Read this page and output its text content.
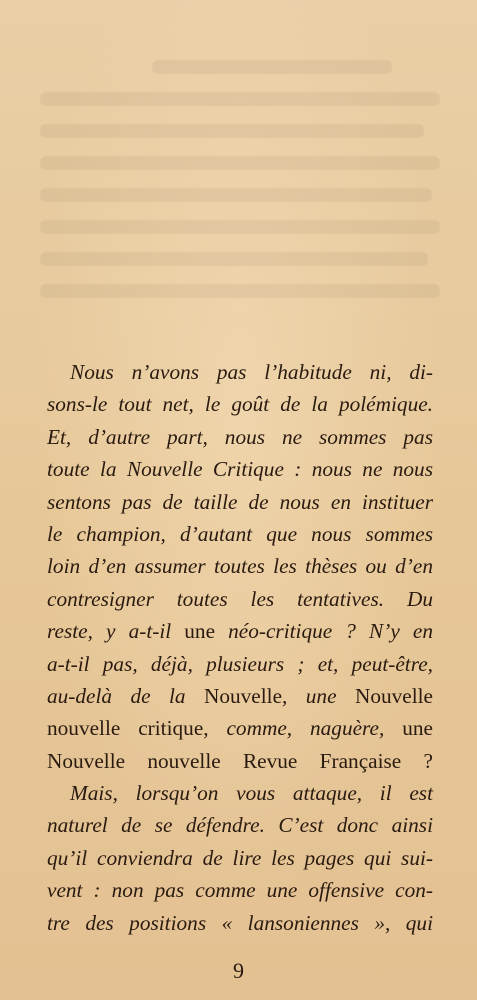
Nous n’avons pas l’habitude ni, di-
sons-le tout net, le goût de la polémique.
Et, d’autre part, nous ne sommes pas
toute la Nouvelle Critique : nous ne nous
sentons pas de taille de nous en instituer
le champion, d’autant que nous sommes
loin d’en assumer toutes les thèses ou d’en
contresigner toutes les tentatives. Du
reste, y a-t-il une néo-critique ? N’y en
a-t-il pas, déjà, plusieurs ; et, peut-être,
au-delà de la Nouvelle, une Nouvelle
nouvelle critique, comme, naguère, une
Nouvelle nouvelle Revue Française ?
Mais, lorsqu’on vous attaque, il est
naturel de se défendre. C’est donc ainsi
qu’il conviendra de lire les pages qui sui-
vent : non pas comme une offensive con-
tre des positions « lansoniennes », qui
9
